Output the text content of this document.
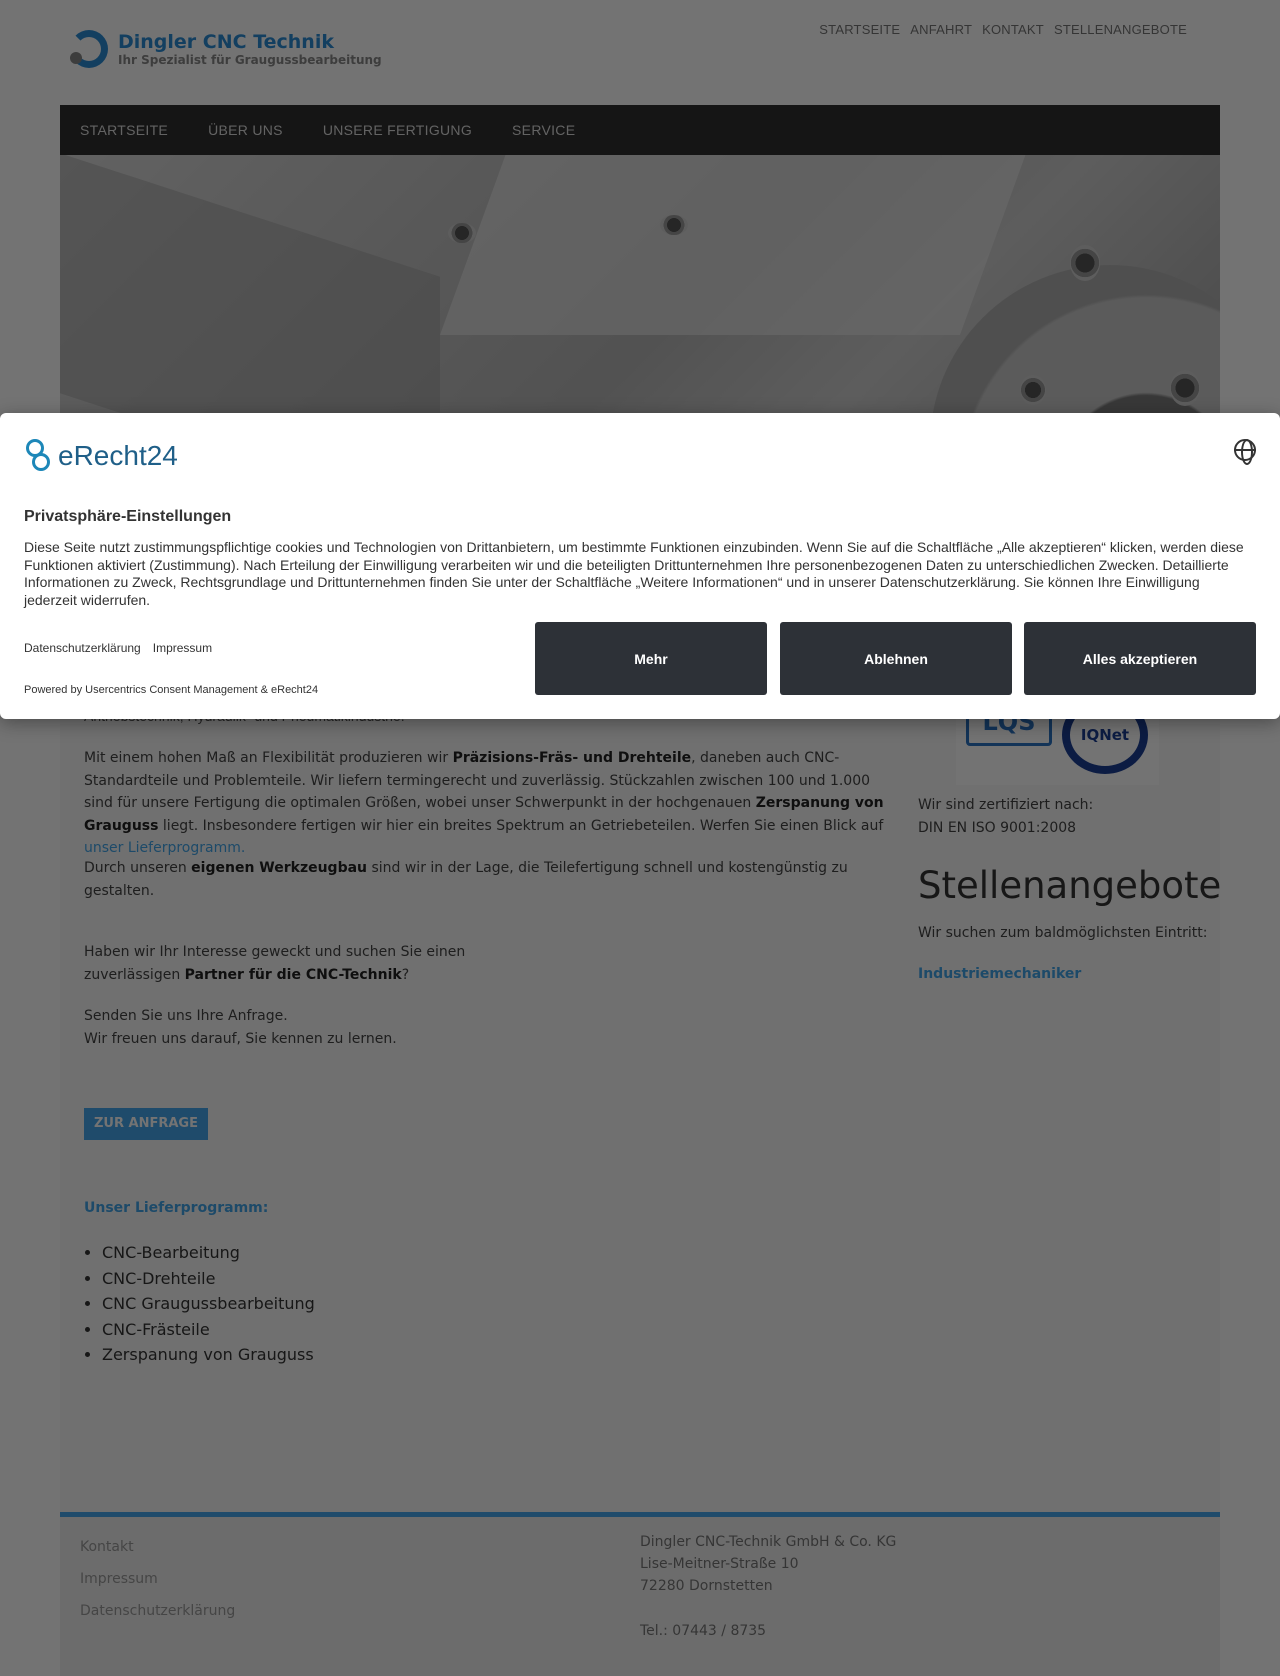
•
•
•
•
•

eRecht24
Privatsphäre-Einstellungen
Diese Seite nutzt zustimmungspflichtige cookies und Technologien von Drittanbietern, um bestimmte Funktionen einzubinden. Wenn Sie auf die Schaltfläche „Alle akzeptieren“ klicken, werden diese Funktionen aktiviert (Zustimmung). Nach Erteilung der Einwilligung verarbeiten wir und die beteiligten Drittunternehmen Ihre personenbezogenen Daten zu unterschiedlichen Zwecken. Detaillierte Informationen zu Zweck, Rechtsgrundlage und Drittunternehmen finden Sie unter der Schaltfläche „Weitere Informationen“ und in unserer Datenschutzerklärung. Sie können Ihre Einwilligung jederzeit widerrufen.
Datenschutzerklärung Impressum
Powered by Usercentrics Consent Management & eRecht24
Mehr	Ablehnen	Alles akzeptieren
